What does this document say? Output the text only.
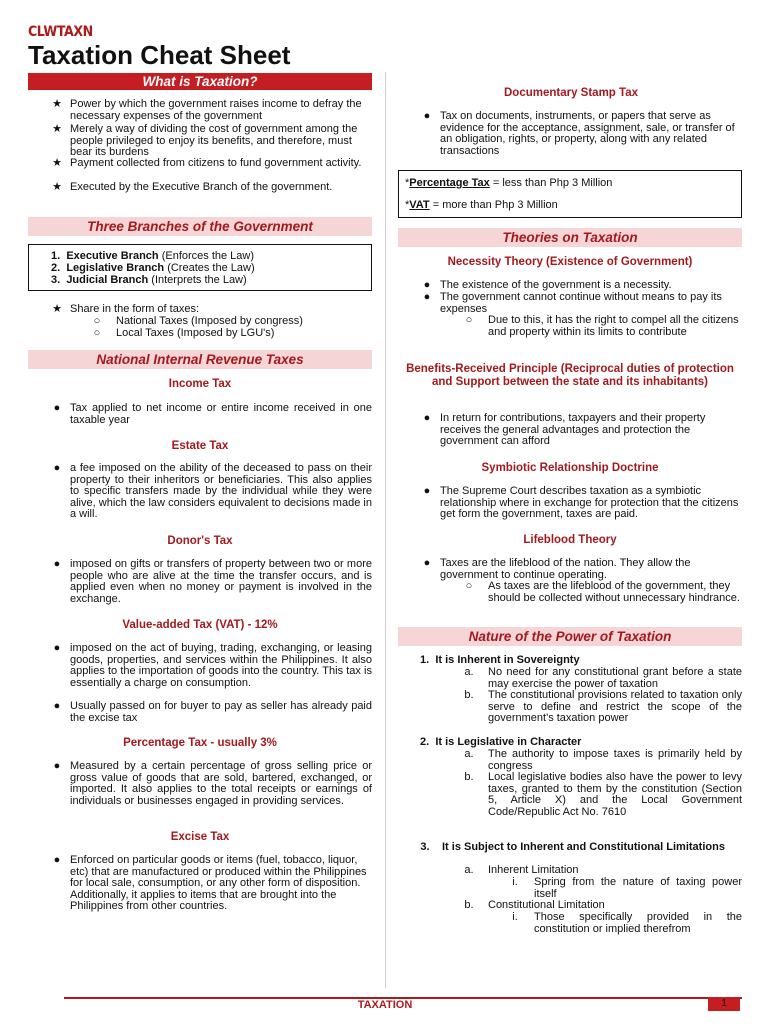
CLWTAXN
Taxation Cheat Sheet
What is Taxation?
★ Power by which the government raises income to defray the necessary expenses of the government
★ Merely a way of dividing the cost of government among the people privileged to enjoy its benefits, and therefore, must bear its burdens
★ Payment collected from citizens to fund government activity.
★ Executed by the Executive Branch of the government.
Three Branches of the Government
1. Executive Branch (Enforces the Law)
2. Legislative Branch (Creates the Law)
3. Judicial Branch (Interprets the Law)
★ Share in the form of taxes:
○	National Taxes (Imposed by congress)
○	Local Taxes (Imposed by LGU's)
National Internal Revenue Taxes
Income Tax
● Tax applied to net income or entire income received in one taxable year
Estate Tax
● a fee imposed on the ability of the deceased to pass on their property to their inheritors or beneficiaries. This also applies to specific transfers made by the individual while they were alive, which the law considers equivalent to decisions made in a will.
Donor's Tax
● imposed on gifts or transfers of property between two or more people who are alive at the time the transfer occurs, and is applied even when no money or payment is involved in the exchange.
Value-added Tax (VAT) - 12%
● imposed on the act of buying, trading, exchanging, or leasing goods, properties, and services within the Philippines. It also applies to the importation of goods into the country. This tax is essentially a charge on consumption.
● Usually passed on for buyer to pay as seller has already paid the excise tax
Percentage Tax - usually 3%
● Measured by a certain percentage of gross selling price or gross value of goods that are sold, bartered, exchanged, or imported. It also applies to the total receipts or earnings of individuals or businesses engaged in providing services.
Excise Tax
● Enforced on particular goods or items (fuel, tobacco, liquor, etc) that are manufactured or produced within the Philippines for local sale, consumption, or any other form of disposition. Additionally, it applies to items that are brought into the Philippines from other countries.
Documentary Stamp Tax
● Tax on documents, instruments, or papers that serve as evidence for the acceptance, assignment, sale, or transfer of an obligation, rights, or property, along with any related transactions
*Percentage Tax = less than Php 3 Million
*VAT = more than Php 3 Million
Theories on Taxation
Necessity Theory (Existence of Government)
● The existence of the government is a necessity.
● The government cannot continue without means to pay its expenses
○	Due to this, it has the right to compel all the citizens and property within its limits to contribute
Benefits-Received Principle (Reciprocal duties of protection and Support between the state and its inhabitants)
● In return for contributions, taxpayers and their property receives the general advantages and protection the government can afford
Symbiotic Relationship Doctrine
● The Supreme Court describes taxation as a symbiotic relationship where in exchange for protection that the citizens get form the government, taxes are paid.
Lifeblood Theory
● Taxes are the lifeblood of the nation. They allow the government to continue operating.
○	As taxes are the lifeblood of the government, they should be collected without unnecessary hindrance.
Nature of the Power of Taxation
1. It is Inherent in Sovereignty
a. No need for any constitutional grant before a state may exercise the power of taxation
b. The constitutional provisions related to taxation only serve to define and restrict the scope of the government's taxation power
2. It is Legislative in Character
a. The authority to impose taxes is primarily held by congress
b. Local legislative bodies also have the power to levy taxes, granted to them by the constitution (Section 5, Article X) and the Local Government Code/Republic Act No. 7610
3. It is Subject to Inherent and Constitutional Limitations
a. Inherent Limitation
i.	Spring from the nature of taxing power itself
b. Constitutional Limitation
i.	Those specifically provided in the constitution or implied therefrom
TAXATION	1
